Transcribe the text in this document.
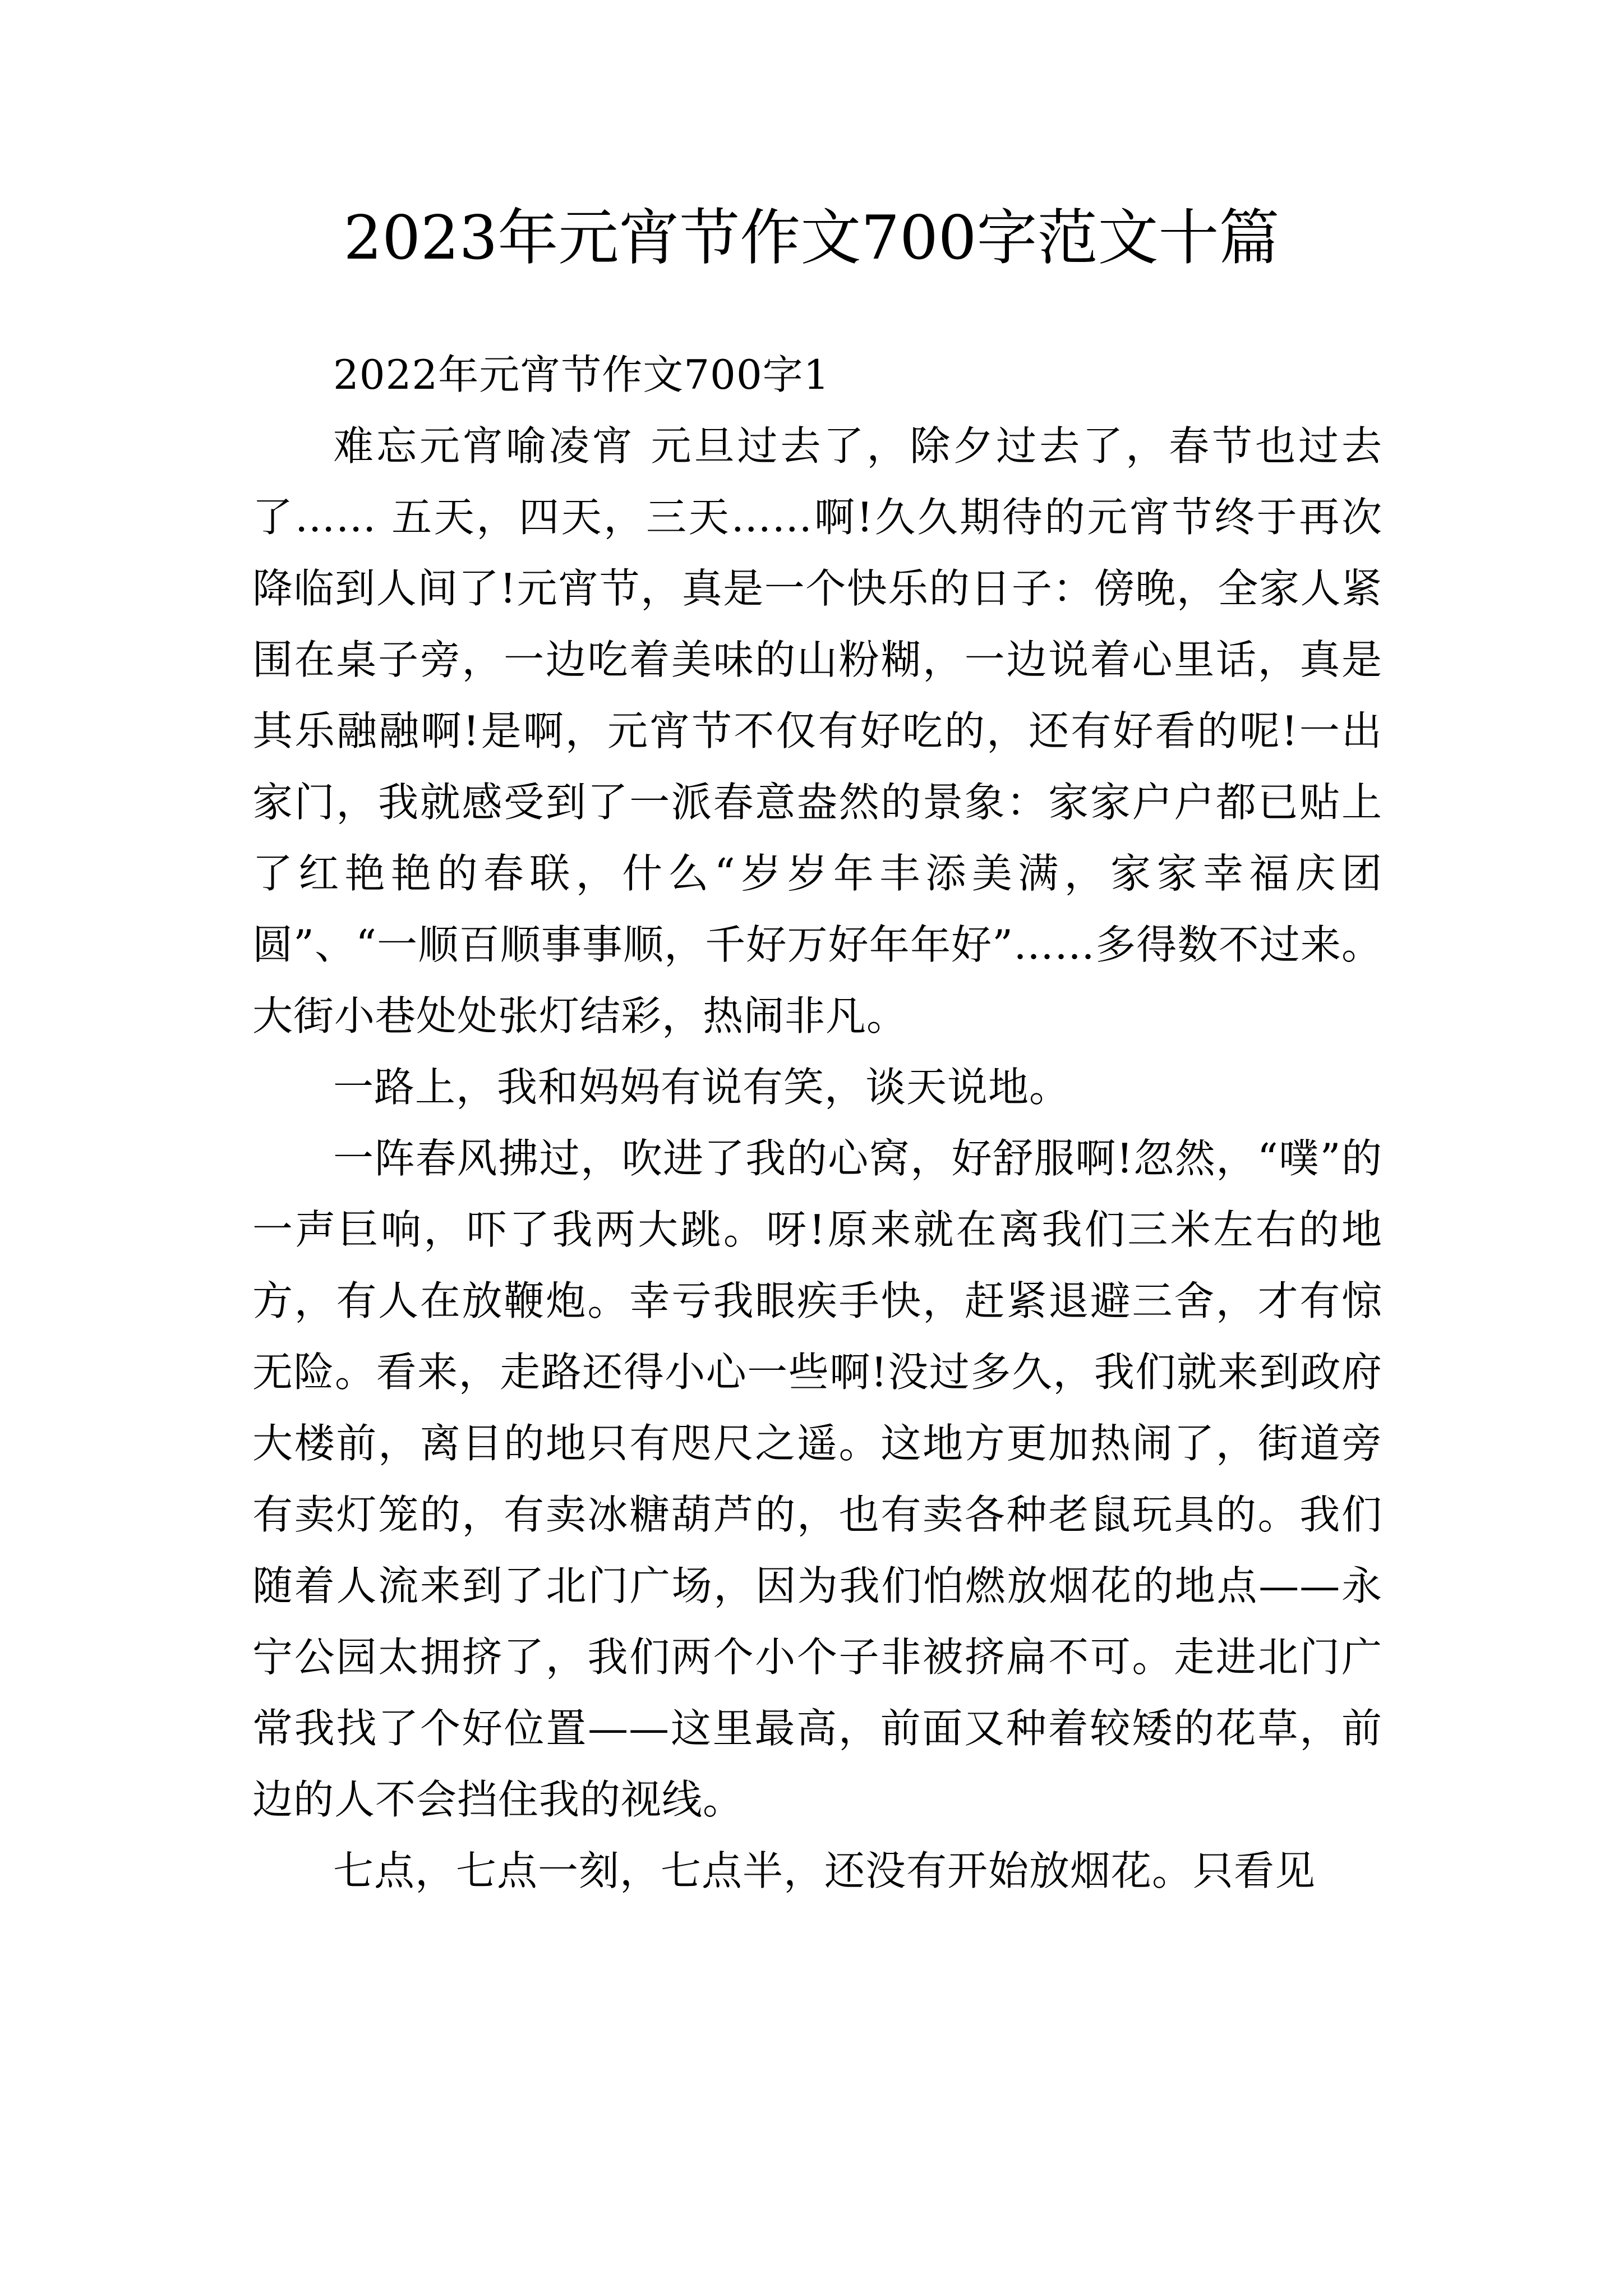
2023年元宵节作文700字范文十篇

2022年元宵节作文700字1

难忘元宵喻凌宵 元旦过去了，除夕过去了，春节也过去了…… 五天，四天，三天……啊!久久期待的元宵节终于再次降临到人间了!元宵节，真是一个快乐的日子：傍晚，全家人紧围在桌子旁，一边吃着美味的山粉糊，一边说着心里话，真是其乐融融啊!是啊，元宵节不仅有好吃的，还有好看的呢!一出家门，我就感受到了一派春意盎然的景象：家家户户都已贴上了红艳艳的春联，什么“岁岁年丰添美满，家家幸福庆团圆”、“一顺百顺事事顺，千好万好年年好”……多得数不过来。大街小巷处处张灯结彩，热闹非凡。

一路上，我和妈妈有说有笑，谈天说地。

一阵春风拂过，吹进了我的心窝，好舒服啊!忽然，“噗”的一声巨响，吓了我两大跳。呀!原来就在离我们三米左右的地方，有人在放鞭炮。幸亏我眼疾手快，赶紧退避三舍，才有惊无险。看来，走路还得小心一些啊!没过多久，我们就来到政府大楼前，离目的地只有咫尺之遥。这地方更加热闹了，街道旁有卖灯笼的，有卖冰糖葫芦的，也有卖各种老鼠玩具的。我们随着人流来到了北门广场，因为我们怕燃放烟花的地点——永宁公园太拥挤了，我们两个小个子非被挤扁不可。走进北门广常我找了个好位置——这里最高，前面又种着较矮的花草，前边的人不会挡住我的视线。

七点，七点一刻，七点半，还没有开始放烟花。只看见
